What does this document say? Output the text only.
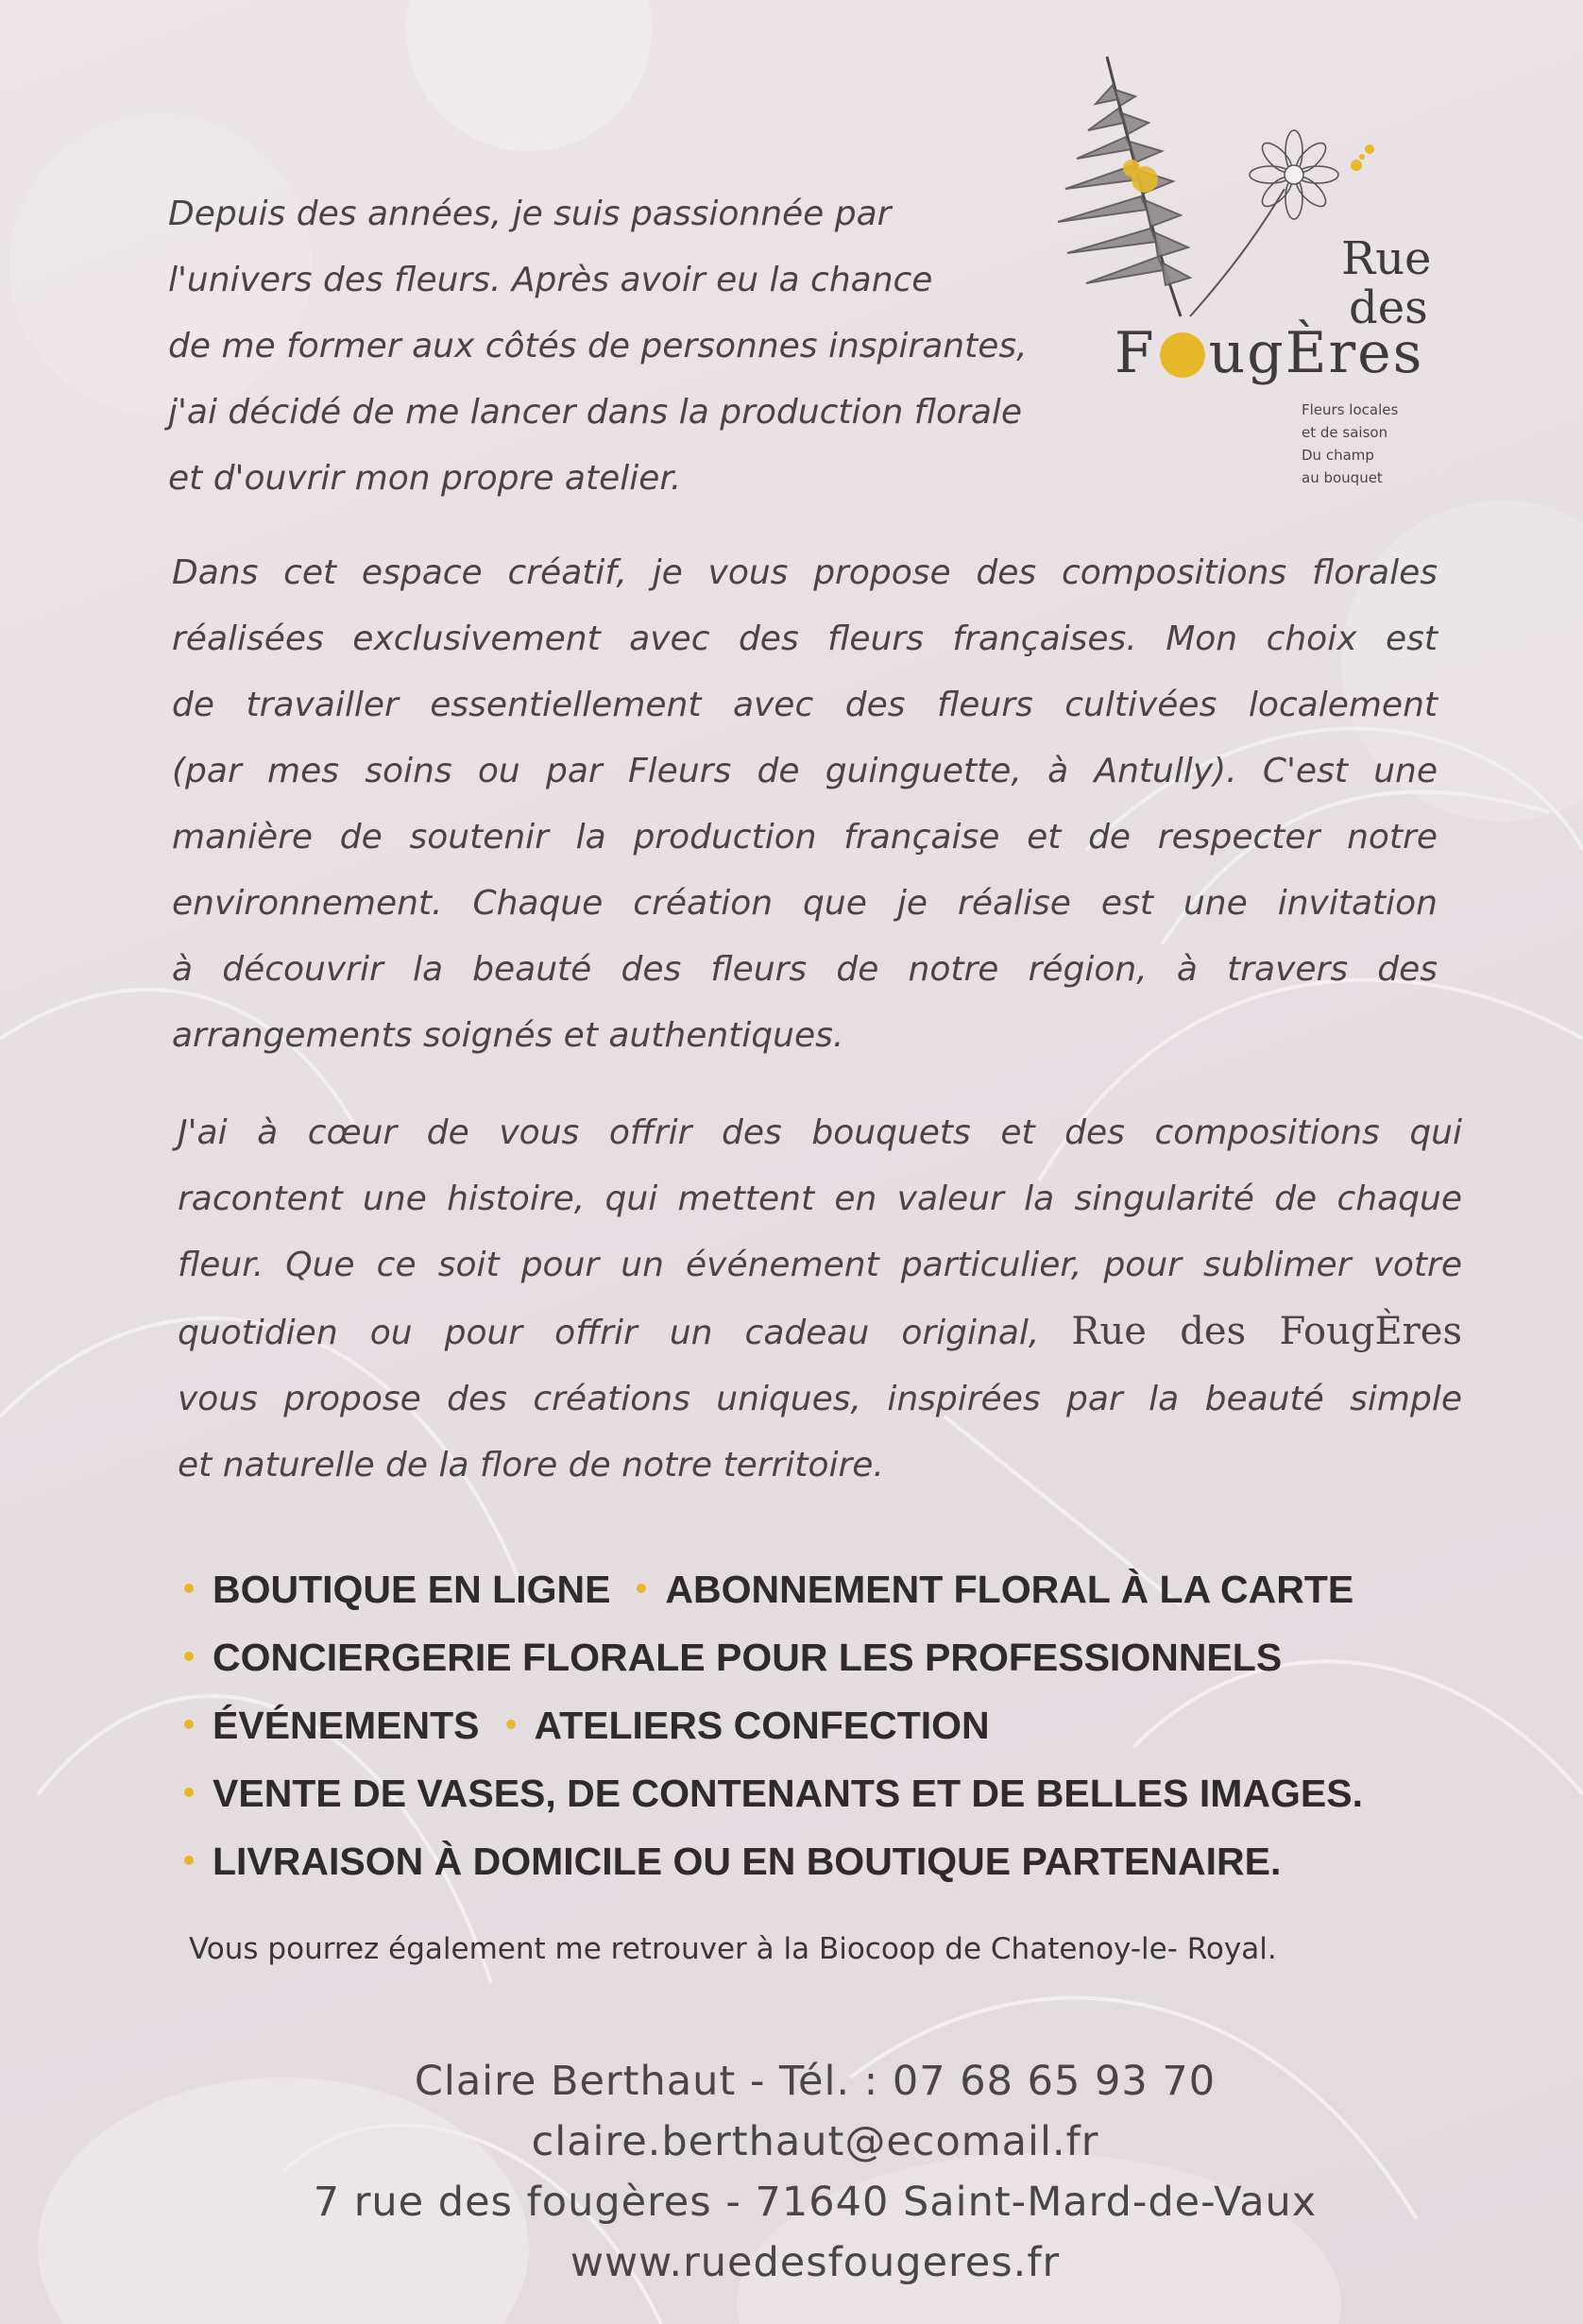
Rue
des
F ugÈres
Fleurs locales
et de saison
Du champ
au bouquet
Depuis des années, je suis passionnée par
l'univers des fleurs. Après avoir eu la chance
de me former aux côtés de personnes inspirantes,
j'ai décidé de me lancer dans la production florale
et d'ouvrir mon propre atelier.
Dans cet espace créatif, je vous propose des compositions florales
réalisées exclusivement avec des fleurs françaises. Mon choix est
de travailler essentiellement avec des fleurs cultivées localement
(par mes soins ou par Fleurs de guinguette, à Antully). C'est une
manière de soutenir la production française et de respecter notre
environnement. Chaque création que je réalise est une invitation
à découvrir la beauté des fleurs de notre région, à travers des
arrangements soignés et authentiques.
J'ai à cœur de vous offrir des bouquets et des compositions qui
racontent une histoire, qui mettent en valeur la singularité de chaque
fleur. Que ce soit pour un événement particulier, pour sublimer votre
quotidien ou pour offrir un cadeau original, Rue des FougÈres
vous propose des créations uniques, inspirées par la beauté simple
et naturelle de la flore de notre territoire.
BOUTIQUE EN LIGNE ABONNEMENT FLORAL À LA CARTE
CONCIERGERIE FLORALE POUR LES PROFESSIONNELS
ÉVÉNEMENTS ATELIERS CONFECTION
VENTE DE VASES, DE CONTENANTS ET DE BELLES IMAGES.
LIVRAISON À DOMICILE OU EN BOUTIQUE PARTENAIRE.
Vous pourrez également me retrouver à la Biocoop de Chatenoy-le- Royal.
Claire Berthaut - Tél. : 07 68 65 93 70
claire.berthaut@ecomail.fr
7 rue des fougères - 71640 Saint-Mard-de-Vaux
www.ruedesfougeres.fr
